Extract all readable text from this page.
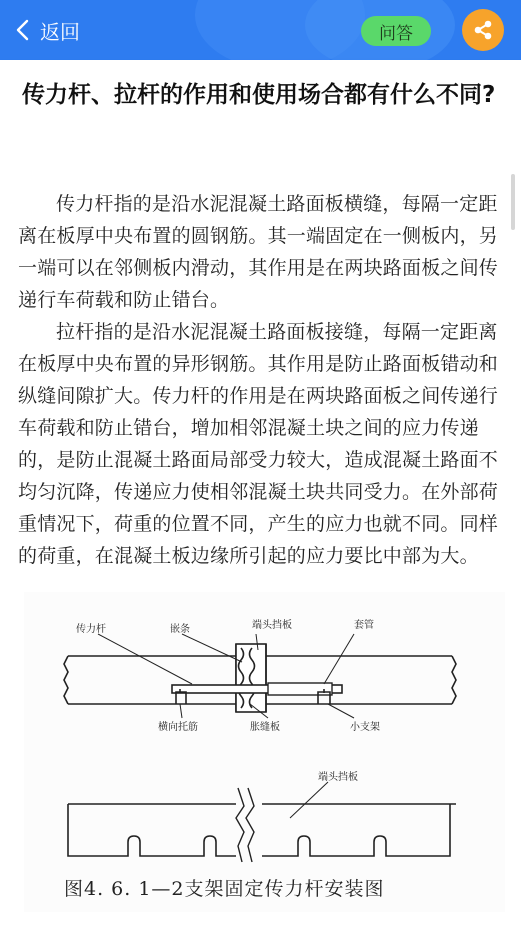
返回	问答
传力杆、拉杆的作用和使用场合都有什么不同?

传力杆指的是沿水泥混凝土路面板横缝，每隔一定距离在板厚中央布置的圆钢筋。其一端固定在一侧板内，另一端可以在邻侧板内滑动，其作用是在两块路面板之间传递行车荷载和防止错台。

拉杆指的是沿水泥混凝土路面板接缝，每隔一定距离在板厚中央布置的异形钢筋。其作用是防止路面板错动和纵缝间隙扩大。传力杆的作用是在两块路面板之间传递行车荷载和防止错台，增加相邻混凝土块之间的应力传递的，是防止混凝土路面局部受力较大，造成混凝土路面不均匀沉降，传递应力使相邻混凝土块共同受力。在外部荷重情况下，荷重的位置不同，产生的应力也就不同。同样的荷重，在混凝土板边缘所引起的应力要比中部为大。

传力杆	嵌条	端头挡板	套管
横向托筋	胀缝板	小支架
端头挡板
图4. 6. 1—2支架固定传力杆安装图
